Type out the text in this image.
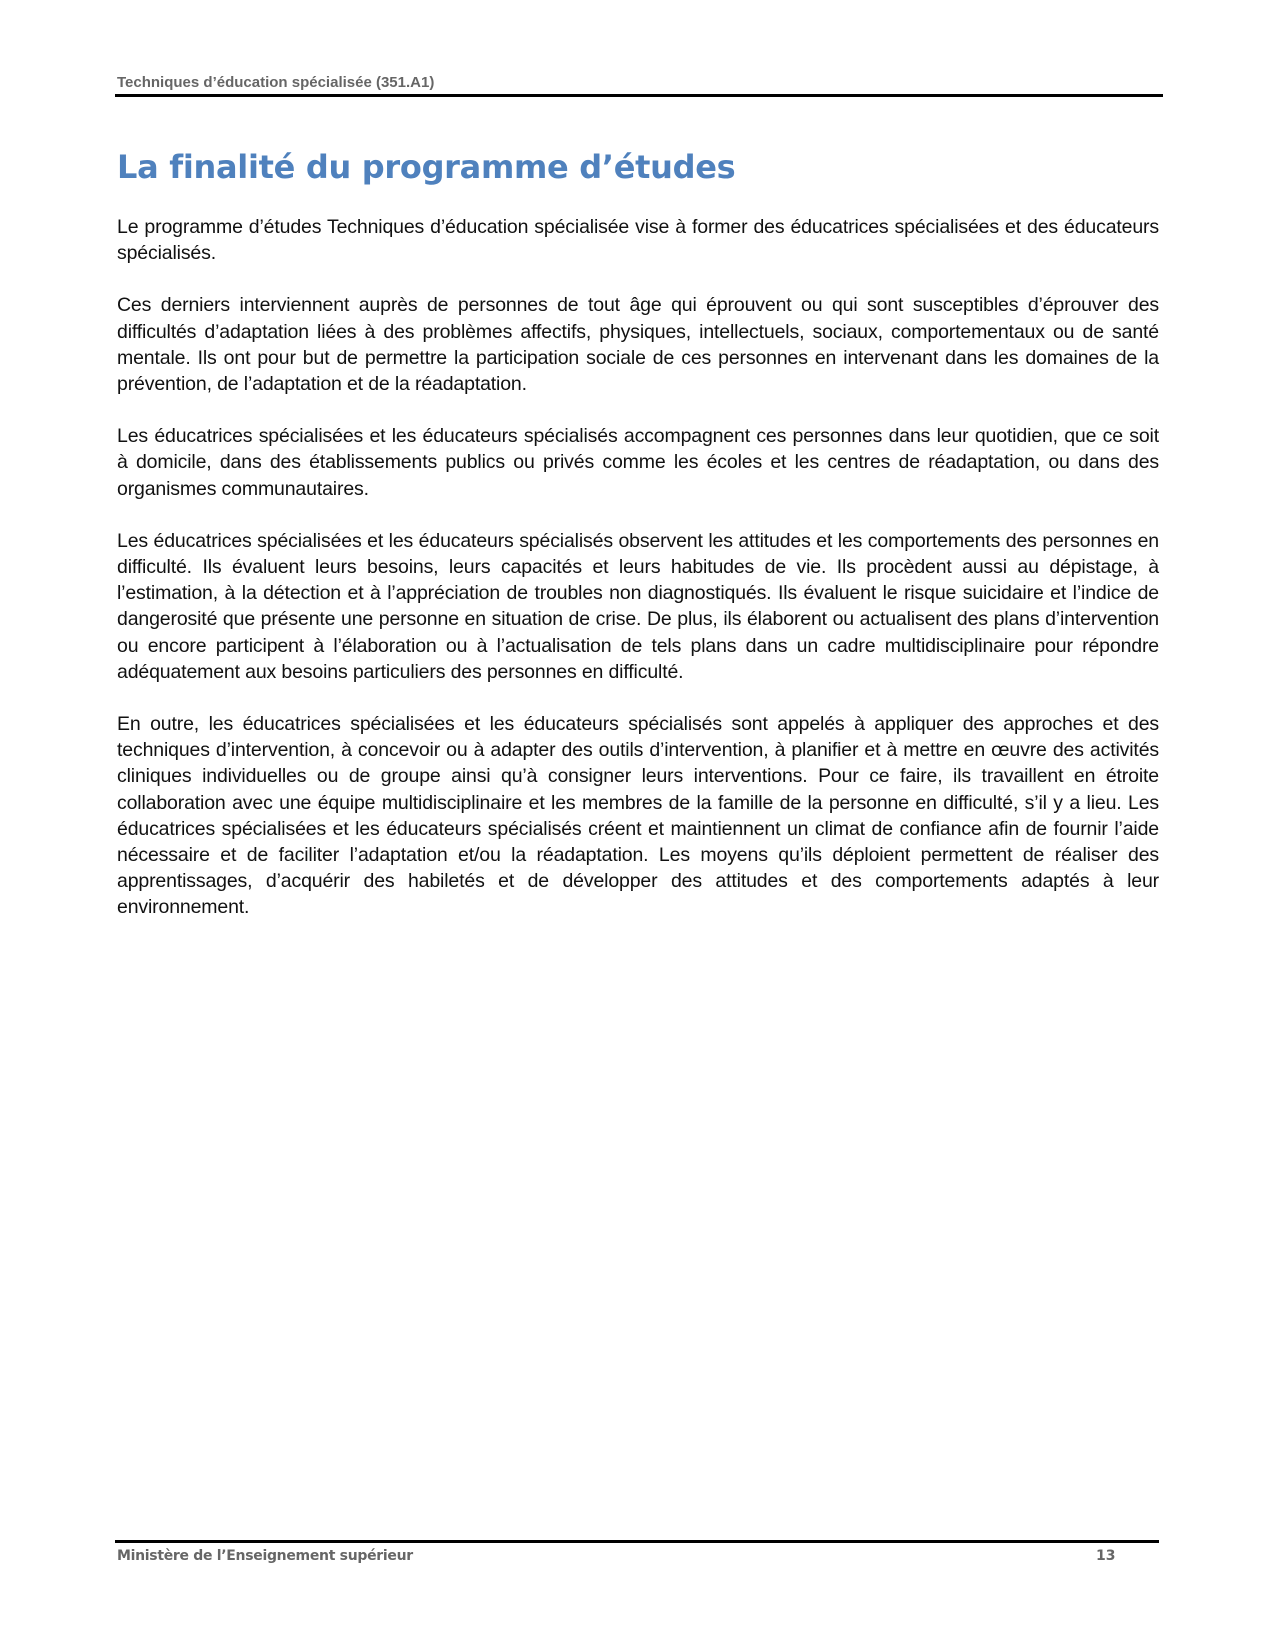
Techniques d’éducation spécialisée (351.A1)
La finalité du programme d’études

Le programme d’études Techniques d’éducation spécialisée vise à former des éducatrices spécialisées et des éducateurs spécialisés.

Ces derniers interviennent auprès de personnes de tout âge qui éprouvent ou qui sont susceptibles d’éprouver des difficultés d’adaptation liées à des problèmes affectifs, physiques, intellectuels, sociaux, comportementaux ou de santé mentale. Ils ont pour but de permettre la participation sociale de ces personnes en intervenant dans les domaines de la prévention, de l’adaptation et de la réadaptation.

Les éducatrices spécialisées et les éducateurs spécialisés accompagnent ces personnes dans leur quotidien, que ce soit à domicile, dans des établissements publics ou privés comme les écoles et les centres de réadaptation, ou dans des organismes communautaires.

Les éducatrices spécialisées et les éducateurs spécialisés observent les attitudes et les comportements des personnes en difficulté. Ils évaluent leurs besoins, leurs capacités et leurs habitudes de vie. Ils procèdent aussi au dépistage, à l’estimation, à la détection et à l’appréciation de troubles non diagnostiqués. Ils évaluent le risque suicidaire et l’indice de dangerosité que présente une personne en situation de crise. De plus, ils élaborent ou actualisent des plans d’intervention ou encore participent à l’élaboration ou à l’actualisation de tels plans dans un cadre multidisciplinaire pour répondre adéquatement aux besoins particuliers des personnes en difficulté.

En outre, les éducatrices spécialisées et les éducateurs spécialisés sont appelés à appliquer des approches et des techniques d’intervention, à concevoir ou à adapter des outils d’intervention, à planifier et à mettre en œuvre des activités cliniques individuelles ou de groupe ainsi qu’à consigner leurs interventions. Pour ce faire, ils travaillent en étroite collaboration avec une équipe multidisciplinaire et les membres de la famille de la personne en difficulté, s’il y a lieu. Les éducatrices spécialisées et les éducateurs spécialisés créent et maintiennent un climat de confiance afin de fournir l’aide nécessaire et de faciliter l’adaptation et/ou la réadaptation. Les moyens qu’ils déploient permettent de réaliser des apprentissages, d’acquérir des habiletés et de développer des attitudes et des comportements adaptés à leur environnement.

Ministère de l’Enseignement supérieur	13
